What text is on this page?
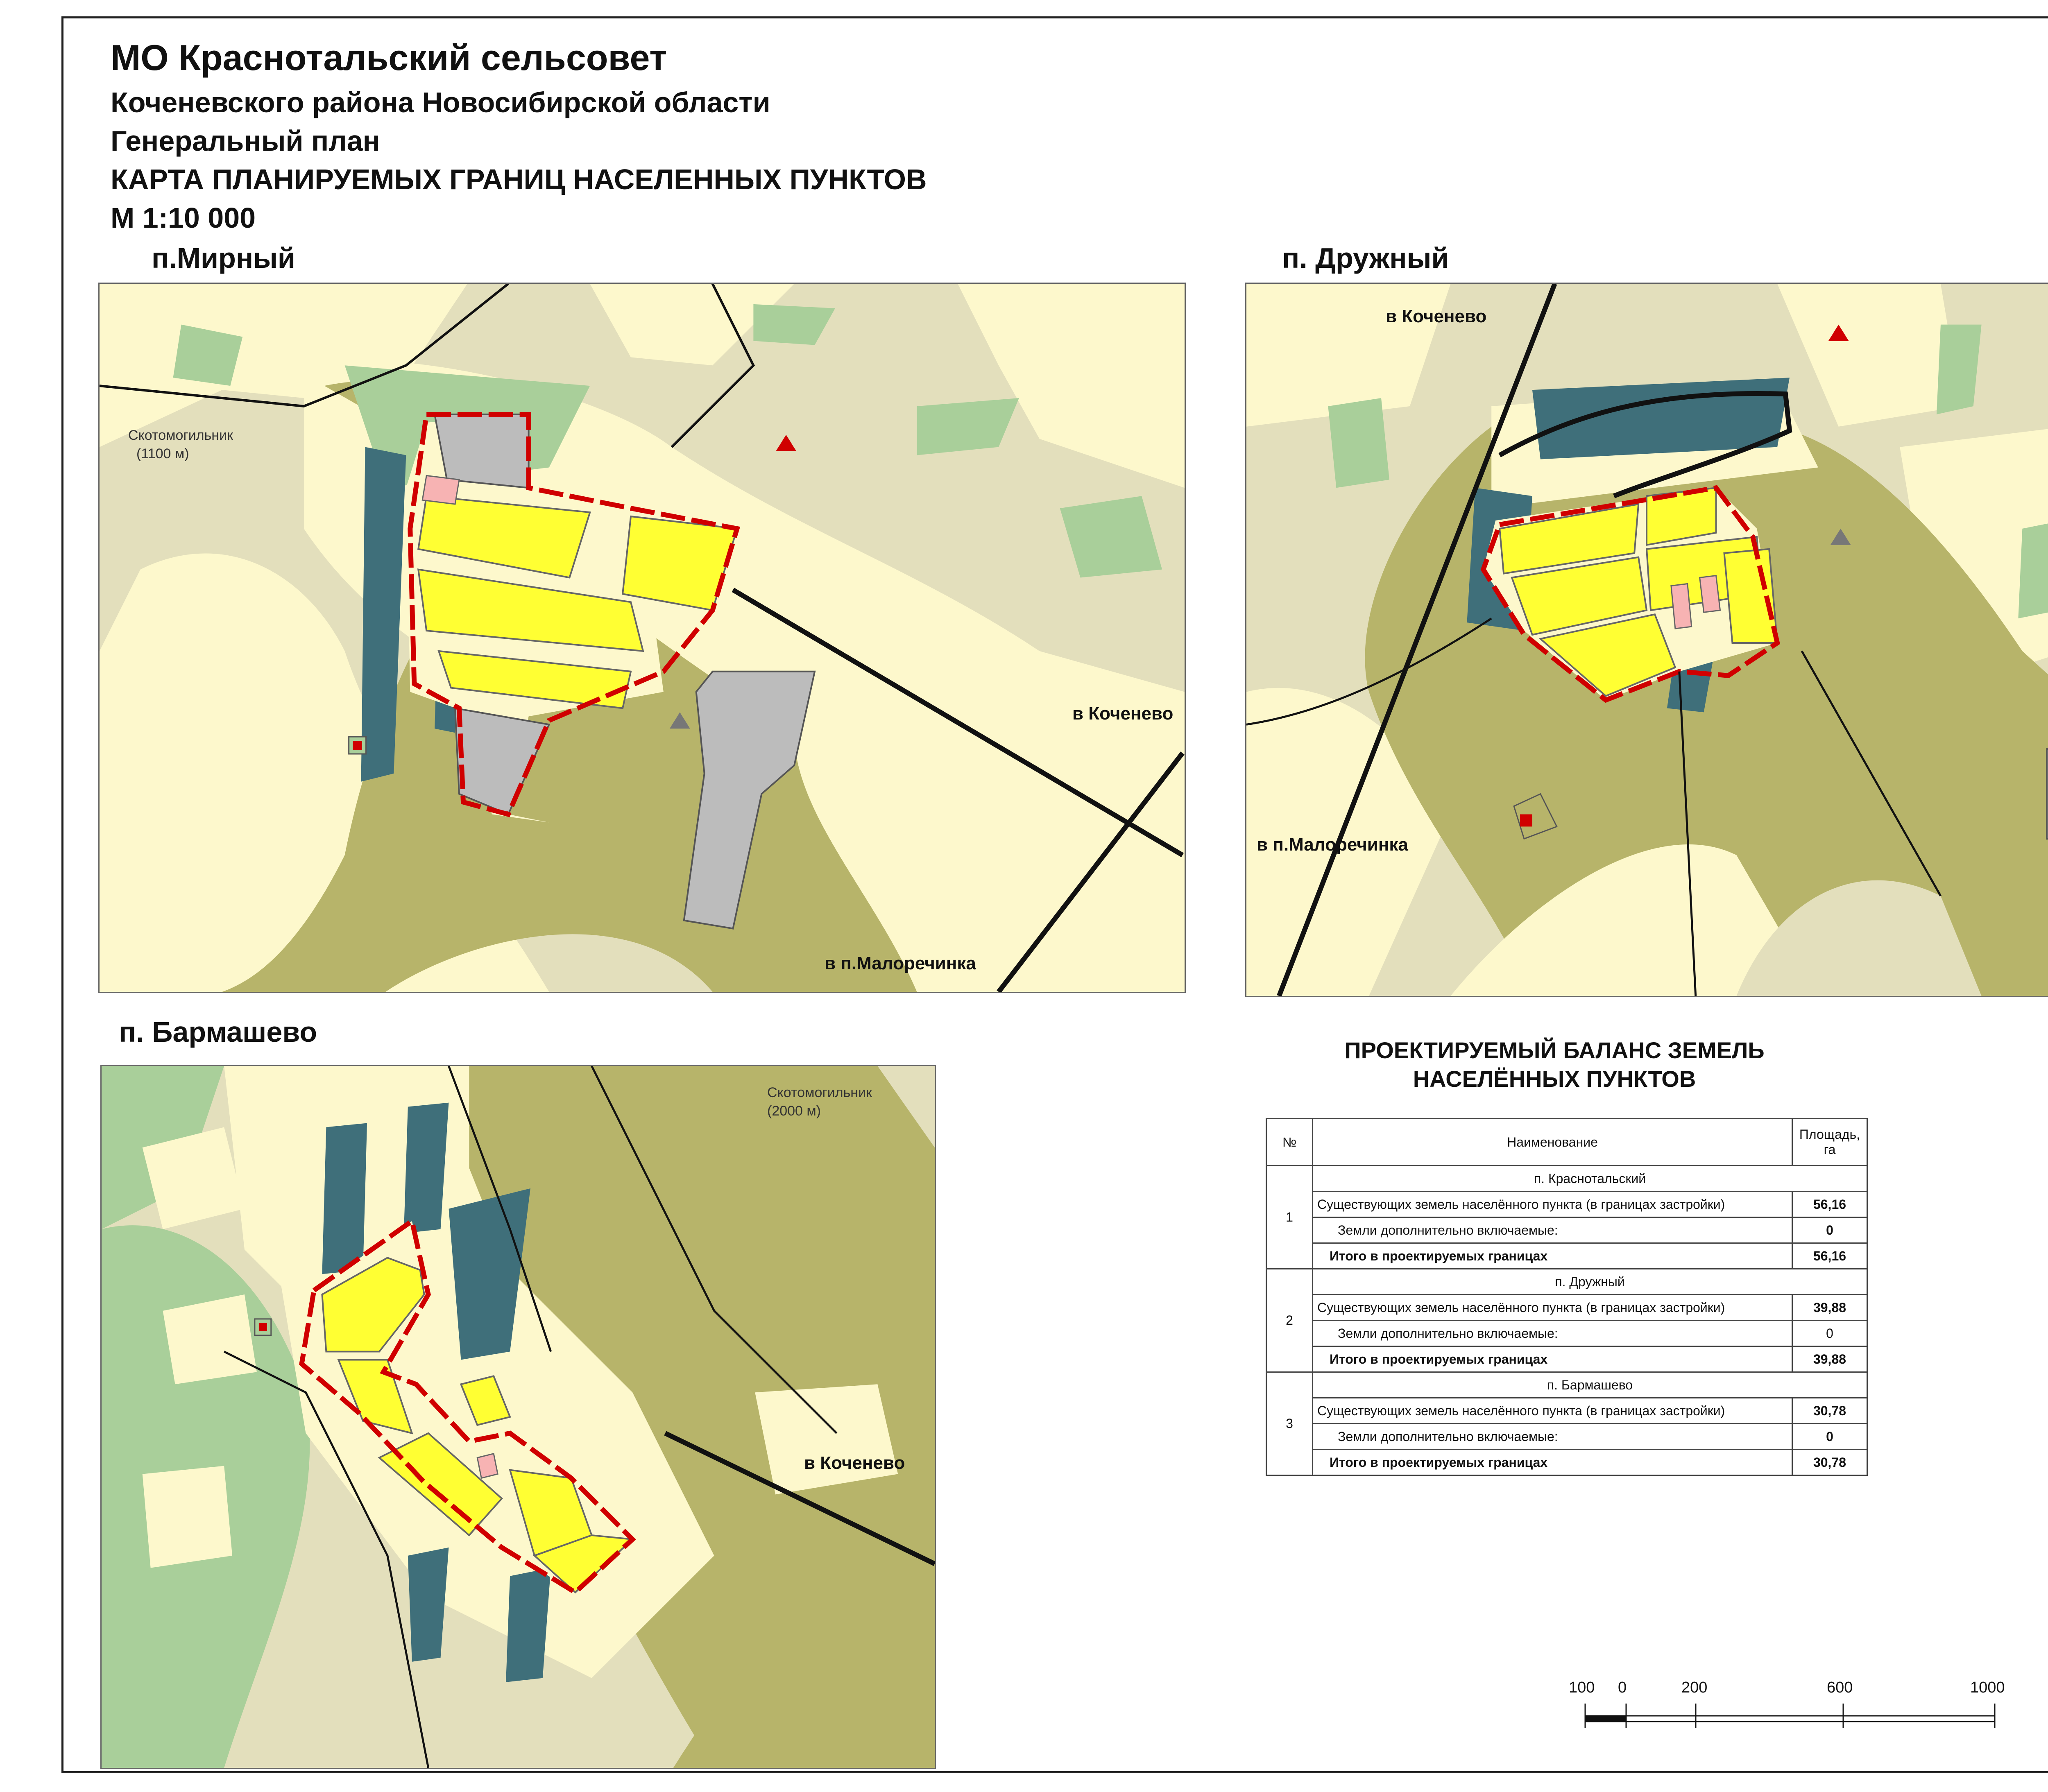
МО Краснотальский сельсовет
Коченевского района Новосибирской области
Генеральный план
КАРТА ПЛАНИРУЕМЫХ ГРАНИЦ НАСЕЛЕННЫХ ПУНКТОВ
М 1:10 000
п.Мирный
Скотомогильник
(1100 м)
в Коченево
в п.Малоречинка
п. Дружный
в Коченево
в п.Малоречинка
п. Бармашево
Скотомогильник
(2000 м)
в Коченево
ПРОЕКТИРУЕМЫЙ БАЛАНС ЗЕМЕЛЬ
НАСЕЛЁННЫХ ПУНКТОВ
№	Наименование	Площадь,
га
1	п. Краснотальский	
	Существующих земель населённого пункта (в границах застройки)	56,16
	Земли дополнительно включаемые:	0
	Итого в проектируемых границах	56,16
2	п. Дружный	
	Существующих земель населённого пункта (в границах застройки)	39,88
	Земли дополнительно включаемые:	0
	Итого в проектируемых границах	39,88
3	п. Бармашево	
	Существующих земель населённого пункта (в границах застройки)	30,78
	Земли дополнительно включаемые:	0
	Итого в проектируемых границах	30,78
100 0	200	600	1000
